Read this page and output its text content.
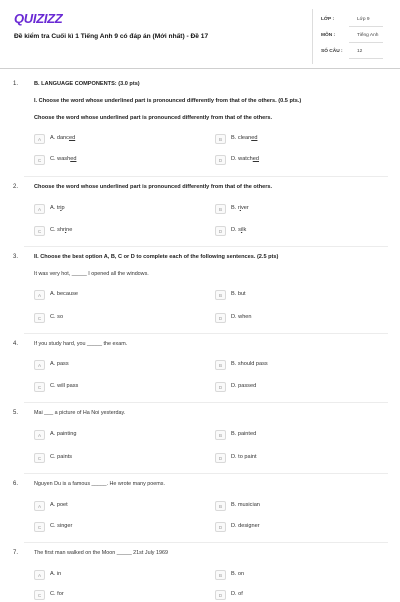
QUIZIZZ
Đề kiểm tra Cuối kì 1 Tiếng Anh 9 có đáp án (Mới nhất) - Đề 17
LỚP :	Lớp 9
MÔN :	Tiếng Anh
SỐ CÂU :	12
1.	B. LANGUAGE COMPONENTS: (3.0 pts)
I. Choose the word whose underlined part is pronounced differently from that of the others. (0.5 pts.)
Choose the word whose underlined part is pronounced differently from that of the others.
A	A. danced	B	B. cleaned
C	C. washed	D	D. watched
2.	Choose the word whose underlined part is pronounced differently from that of the others.
A	A. trip	B	B. river
C	C. shrine	D	D. silk
3.	II. Choose the best option A, B, C or D to complete each of the following sentences. (2.5 pts)
It was very hot, _____ I opened all the windows.
A	A. because	B	B. but
C	C. so	D	D. when
4.	If you study hard, you _____ the exam.
A	A. pass	B	B. should pass
C	C. will pass	D	D. passed
5.	Mai ___ a picture of Ha Noi yesterday.
A	A. painting	B	B. painted
C	C. paints	D	D. to paint
6.	Nguyen Du is a famous _____. He wrote many poems.
A	A. poet	B	B. musician
C	C. singer	D	D. designer
7.	The first man walked on the Moon _____ 21st July 1969
A	A. in	B	B. on
C	C. for	D	D. of
